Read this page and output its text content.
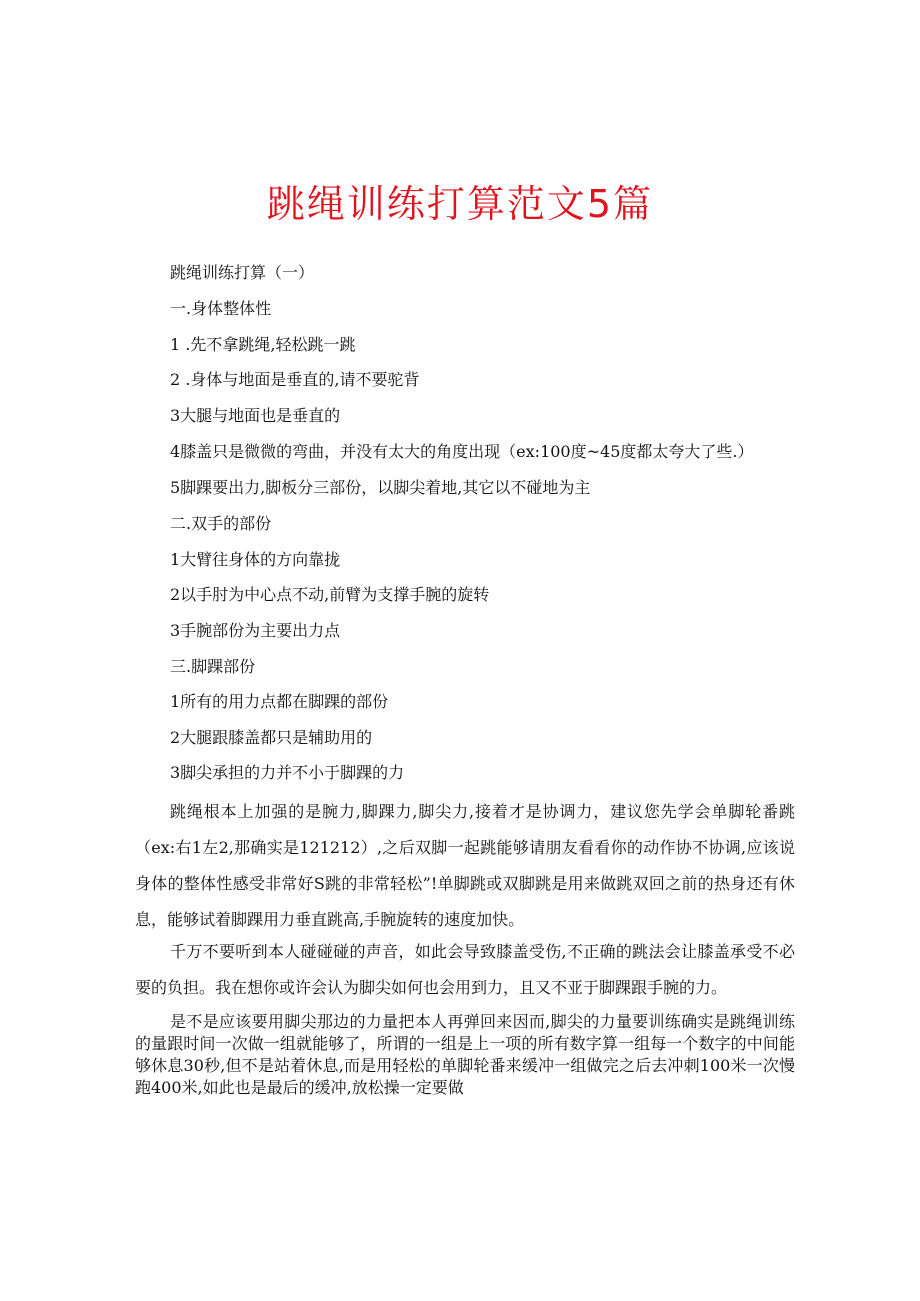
跳绳训练打算范文5篇
跳绳训练打算（一）
一.身体整体性
1 .先不拿跳绳,轻松跳一跳
2 .身体与地面是垂直的,请不要驼背
3大腿与地面也是垂直的
4膝盖只是微微的弯曲，并没有太大的角度出现（ex:100度~45度都太夸大了些.）
5脚踝要出力,脚板分三部份，以脚尖着地,其它以不碰地为主
二.双手的部份
1大臂往身体的方向靠拢
2以手肘为中心点不动,前臂为支撑手腕的旋转
3手腕部份为主要出力点
三.脚踝部份
1所有的用力点都在脚踝的部份
2大腿跟膝盖都只是辅助用的
3脚尖承担的力并不小于脚踝的力
跳绳根本上加强的是腕力,脚踝力,脚尖力,接着才是协调力，建议您先学会单脚轮番跳（ex:右1左2,那确实是121212）,之后双脚一起跳能够请朋友看看你的动作协不协调,应该说身体的整体性感受非常好S跳的非常轻松”!单脚跳或双脚跳是用来做跳双回之前的热身还有休息，能够试着脚踝用力垂直跳高,手腕旋转的速度加快。
千万不要听到本人碰碰碰的声音，如此会导致膝盖受伤,不正确的跳法会让膝盖承受不必要的负担。我在想你或许会认为脚尖如何也会用到力，且又不亚于脚踝跟手腕的力。
是不是应该要用脚尖那边的力量把本人再弹回来因而,脚尖的力量要训练确实是跳绳训练的量跟时间一次做一组就能够了，所谓的一组是上一项的所有数字算一组每一个数字的中间能够休息30秒,但不是站着休息,而是用轻松的单脚轮番来缓冲一组做完之后去冲刺100米一次慢跑400米,如此也是最后的缓冲,放松操一定要做
